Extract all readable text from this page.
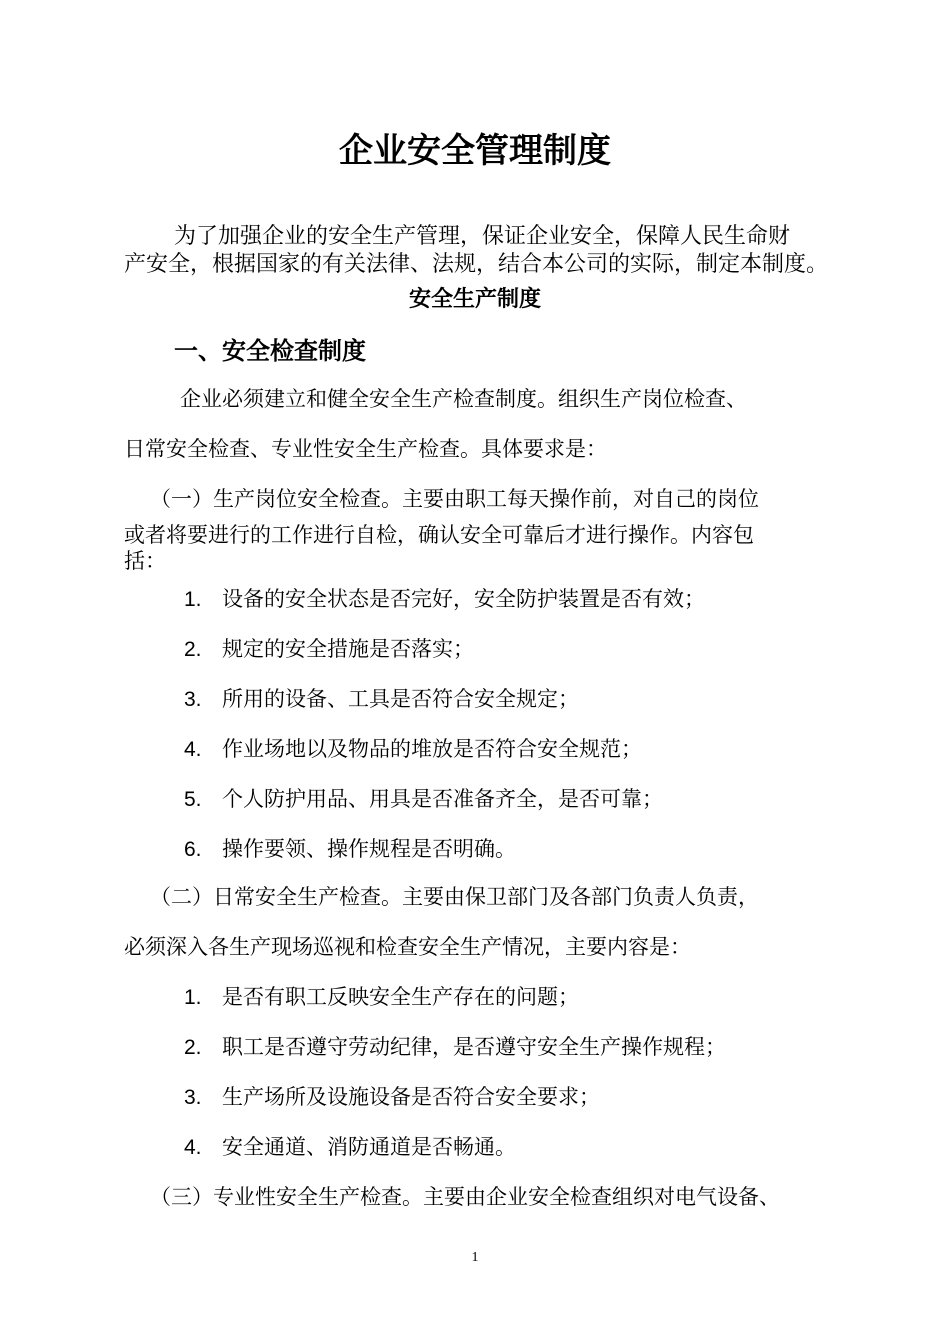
企业安全管理制度
为了加强企业的安全生产管理，保证企业安全，保障人民生命财
产安全，根据国家的有关法律、法规，结合本公司的实际，制定本制度。
安全生产制度
一、安全检查制度
企业必须建立和健全安全生产检查制度。组织生产岗位检查、
日常安全检查、专业性安全生产检查。具体要求是：
（一）生产岗位安全检查。主要由职工每天操作前，对自己的岗位
或者将要进行的工作进行自检，确认安全可靠后才进行操作。内容包
括：
1. 设备的安全状态是否完好，安全防护装置是否有效；
2. 规定的安全措施是否落实；
3. 所用的设备、工具是否符合安全规定；
4. 作业场地以及物品的堆放是否符合安全规范；
5. 个人防护用品、用具是否准备齐全，是否可靠；
6. 操作要领、操作规程是否明确。
（二）日常安全生产检查。主要由保卫部门及各部门负责人负责，
必须深入各生产现场巡视和检查安全生产情况，主要内容是：
1. 是否有职工反映安全生产存在的问题；
2. 职工是否遵守劳动纪律，是否遵守安全生产操作规程；
3. 生产场所及设施设备是否符合安全要求；
4. 安全通道、消防通道是否畅通。
（三）专业性安全生产检查。主要由企业安全检查组织对电气设备、
1
